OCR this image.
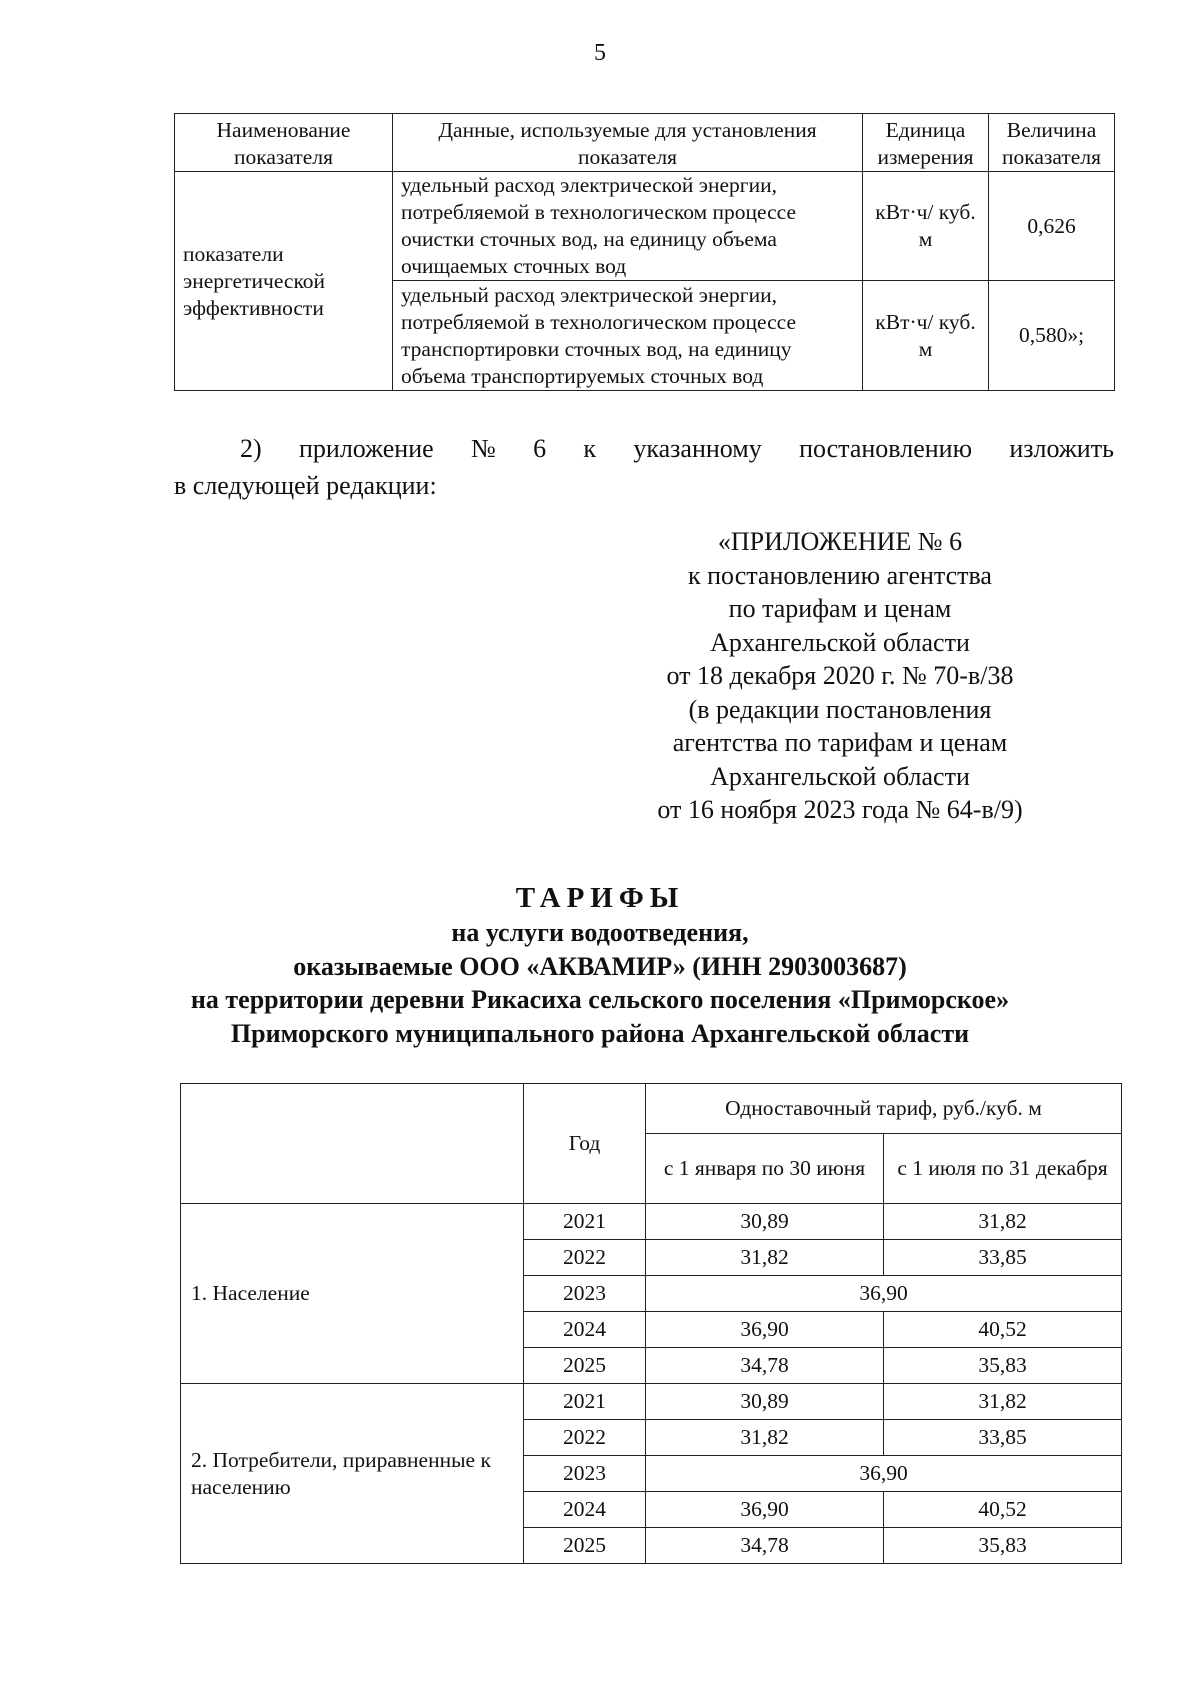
5
Наименование показателя	Данные, используемые для установления показателя	Единица измерения	Величина показателя
показатели энергетической эффективности	удельный расход электрической энергии, потребляемой в технологическом процессе очистки сточных вод, на единицу объема очищаемых сточных вод	кВт·ч/ куб. м	0,626
	удельный расход электрической энергии, потребляемой в технологическом процессе транспортировки сточных вод, на единицу объема транспортируемых сточных вод	кВт·ч/ куб. м	0,580»;
2) приложение № 6 к указанному постановлению изложить
в следующей редакции:
«ПРИЛОЖЕНИЕ № 6
к постановлению агентства
по тарифам и ценам
Архангельской области
от 18 декабря 2020 г. № 70-в/38
(в редакции постановления
агентства по тарифам и ценам
Архангельской области
от 16 ноября 2023 года № 64-в/9)
ТАРИФЫ
на услуги водоотведения,
оказываемые ООО «АКВАМИР» (ИНН 2903003687)
на территории деревни Рикасиха сельского поселения «Приморское»
Приморского муниципального района Архангельской области
	Год	Одноставочный тариф, руб./куб. м	
		с 1 января по 30 июня	с 1 июля по 31 декабря
1. Население	2021	30,89	31,82
	2022	31,82	33,85
	2023	36,90	
	2024	36,90	40,52
	2025	34,78	35,83
2. Потребители, приравненные к населению	2021	30,89	31,82
	2022	31,82	33,85
	2023	36,90	
	2024	36,90	40,52
	2025	34,78	35,83
